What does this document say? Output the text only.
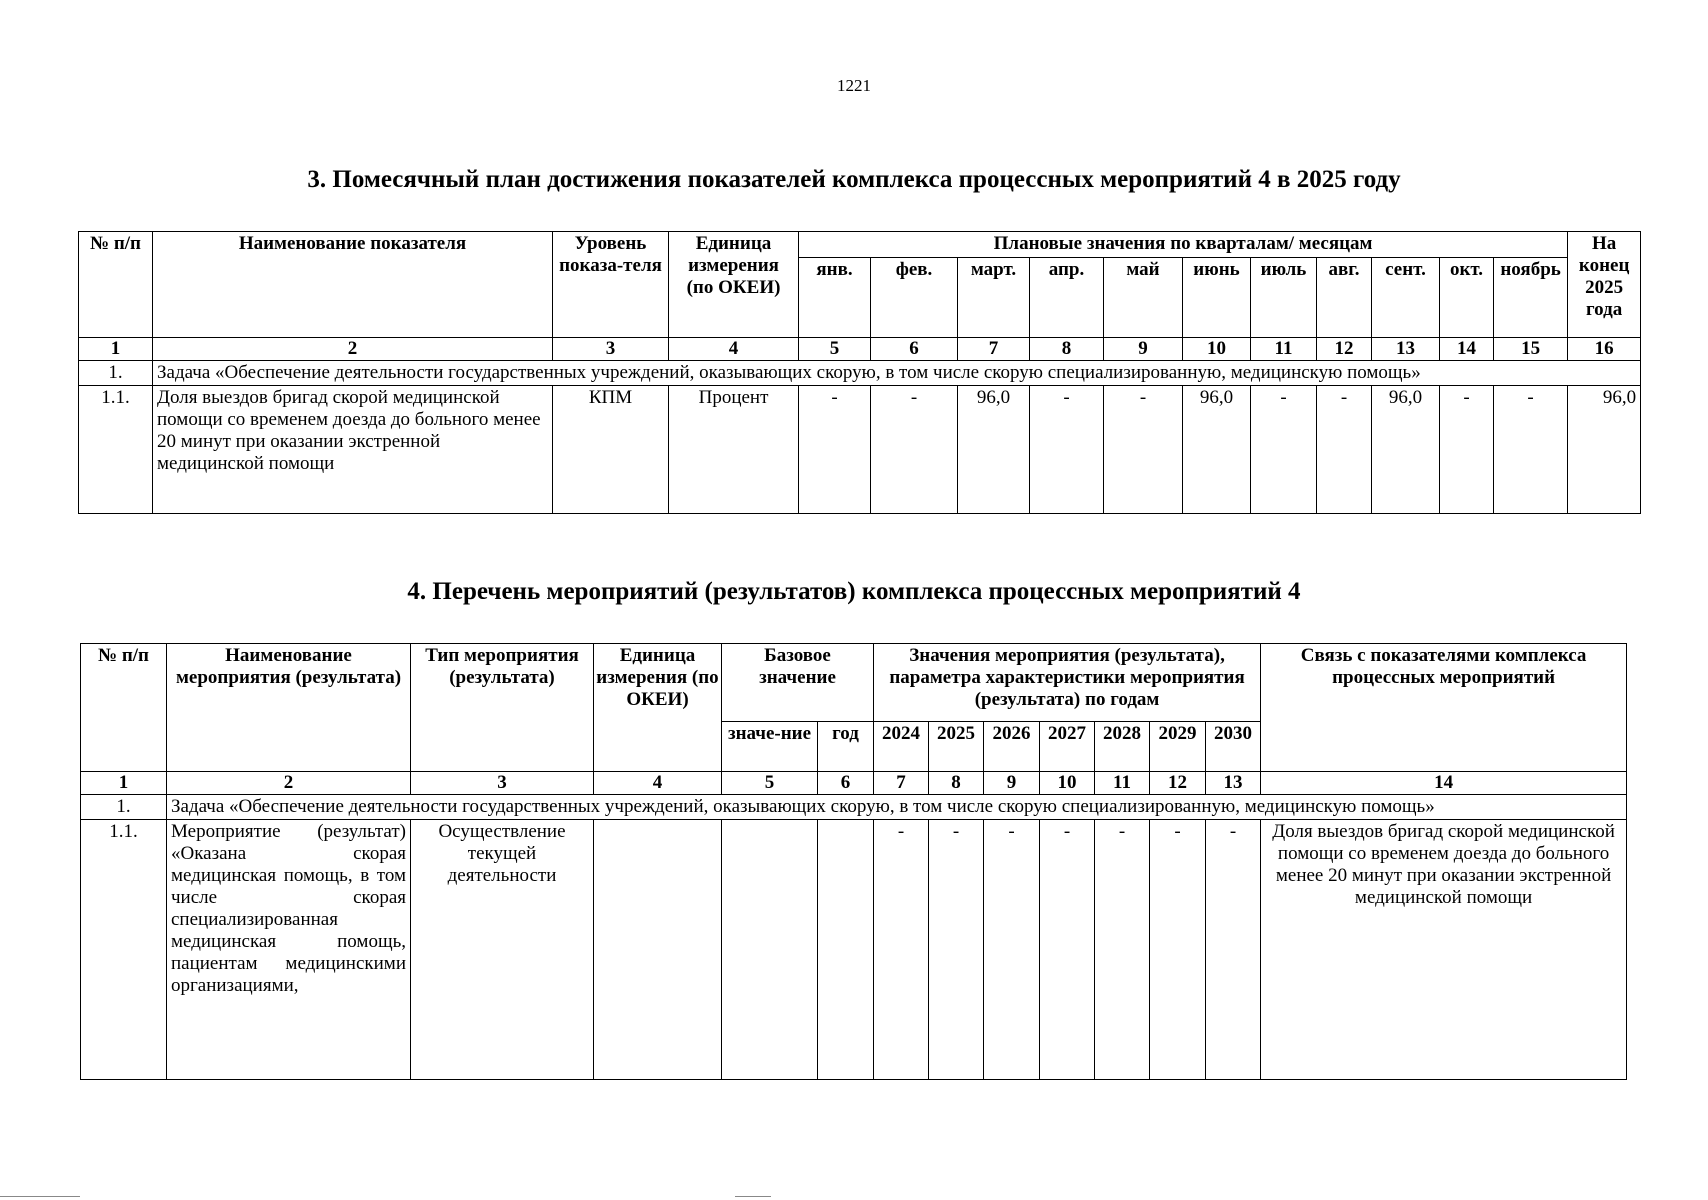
1221
3. Помесячный план достижения показателей комплекса процессных мероприятий 4 в 2025 году
№ п/п	Наименование показателя	Уровень показа-теля	Единица измерения (по ОКЕИ)	Плановые значения по кварталам/ месяцам											На конец 2025 года
				янв.	фев.	март.	апр.	май	июнь	июль	авг.	сент.	окт.	ноябрь	
1	2	3	4	5	6	7	8	9	10	11	12	13	14	15	16
1.	Задача «Обеспечение деятельности государственных учреждений, оказывающих скорую, в том числе скорую специализированную, медицинскую помощь»														
1.1.	Доля выездов бригад скорой медицинской помощи со временем доезда до больного менее 20 минут при оказании экстренной медицинской помощи	КПМ	Процент	-	-	96,0	-	-	96,0	-	-	96,0	-	-	96,0
4. Перечень мероприятий (результатов) комплекса процессных мероприятий 4
№ п/п	Наименование мероприятия (результата)	Тип мероприятия (результата)	Единица измерения (по ОКЕИ)	Базовое значение		Значения мероприятия (результата), параметра характеристики мероприятия (результата) по годам							Связь с показателями комплекса процессных мероприятий
				значе-ние	год	2024	2025	2026	2027	2028	2029	2030	
1	2	3	4	5	6	7	8	9	10	11	12	13	14
1.	Задача «Обеспечение деятельности государственных учреждений, оказывающих скорую, в том числе скорую специализированную, медицинскую помощь»												
1.1.	Мероприятие (результат) «Оказана скорая медицинская помощь, в том числе скорая специализированная медицинская помощь, пациентам медицинскими организациями,	Осуществление текущей деятельности				-	-	-	-	-	-	-	Доля выездов бригад скорой медицинской помощи со временем доезда до больного менее 20 минут при оказании экстренной медицинской помощи
